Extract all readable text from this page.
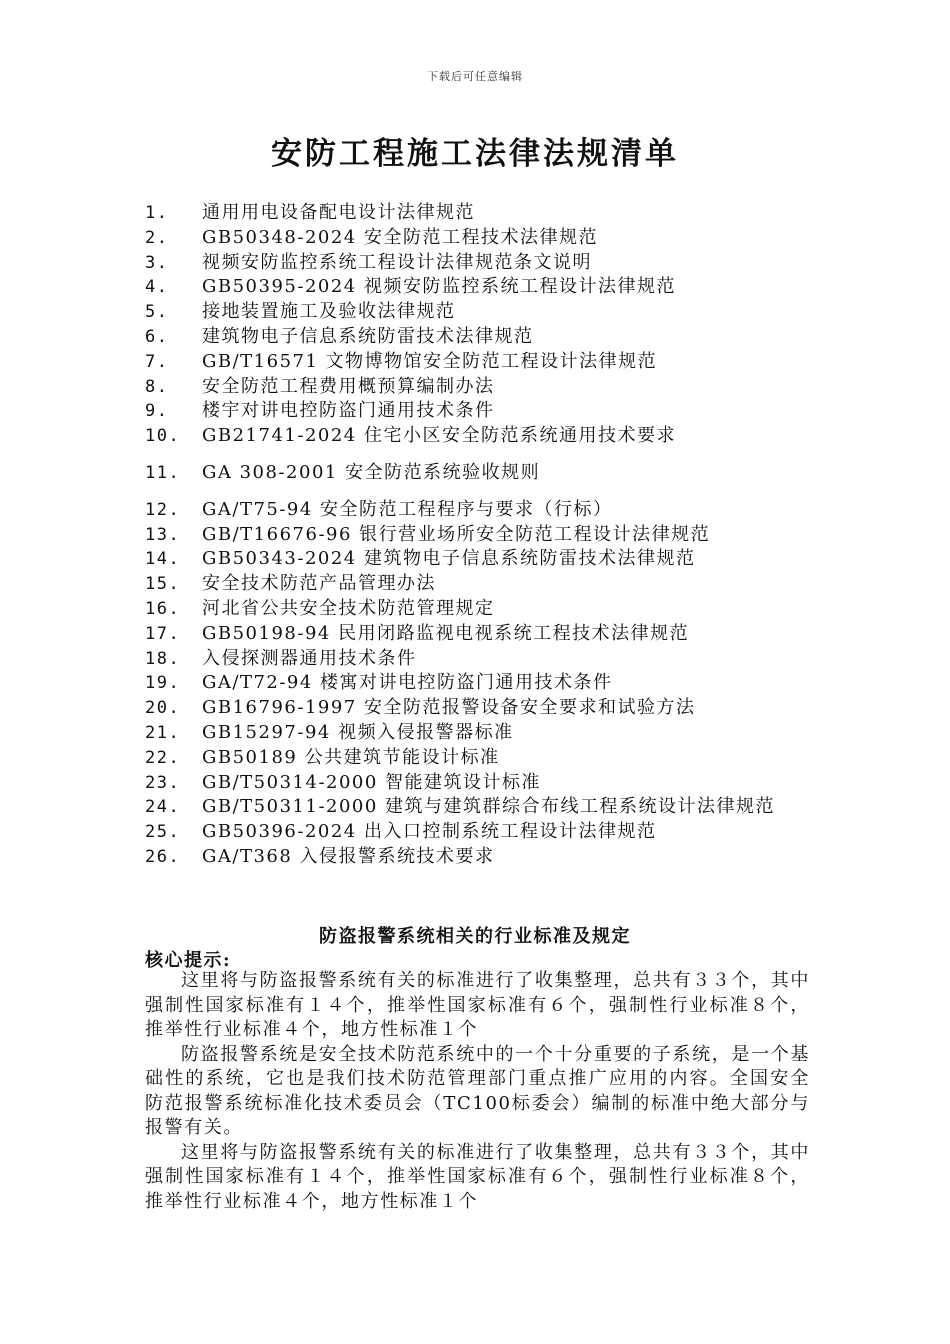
下载后可任意编辑
安防工程施工法律法规清单
1.	通用用电设备配电设计法律规范
2.	GB50348-2024 安全防范工程技术法律规范
3.	视频安防监控系统工程设计法律规范条文说明
4.	GB50395-2024 视频安防监控系统工程设计法律规范
5.	接地装置施工及验收法律规范
6.	建筑物电子信息系统防雷技术法律规范
7.	GB/T16571 文物博物馆安全防范工程设计法律规范
8.	安全防范工程费用概预算编制办法
9.	楼宇对讲电控防盗门通用技术条件
10.	GB21741-2024 住宅小区安全防范系统通用技术要求
11.	GA 308-2001 安全防范系统验收规则
12.	GA/T75-94 安全防范工程程序与要求（行标）
13.	GB/T16676-96 银行营业场所安全防范工程设计法律规范
14.	GB50343-2024 建筑物电子信息系统防雷技术法律规范
15.	安全技术防范产品管理办法
16.	河北省公共安全技术防范管理规定
17.	GB50198-94 民用闭路监视电视系统工程技术法律规范
18.	入侵探测器通用技术条件
19.	GA/T72-94 楼寓对讲电控防盗门通用技术条件
20.	GB16796-1997 安全防范报警设备安全要求和试验方法
21.	GB15297-94 视频入侵报警器标准
22.	GB50189 公共建筑节能设计标准
23.	GB/T50314-2000 智能建筑设计标准
24.	GB/T50311-2000 建筑与建筑群综合布线工程系统设计法律规范
25.	GB50396-2024 出入口控制系统工程设计法律规范
26.	GA/T368 入侵报警系统技术要求
防盗报警系统相关的行业标准及规定
核心提示:

这里将与防盗报警系统有关的标准进行了收集整理，总共有３３个，其中强制性国家标准有１４个，推举性国家标准有６个，强制性行业标准８个，推举性行业标准４个，地方性标准１个

防盗报警系统是安全技术防范系统中的一个十分重要的子系统，是一个基础性的系统，它也是我们技术防范管理部门重点推广应用的内容。全国安全防范报警系统标准化技术委员会（TC100标委会）编制的标准中绝大部分与报警有关。

这里将与防盗报警系统有关的标准进行了收集整理，总共有３３个，其中强制性国家标准有１４个，推举性国家标准有６个，强制性行业标准８个，推举性行业标准４个，地方性标准１个
